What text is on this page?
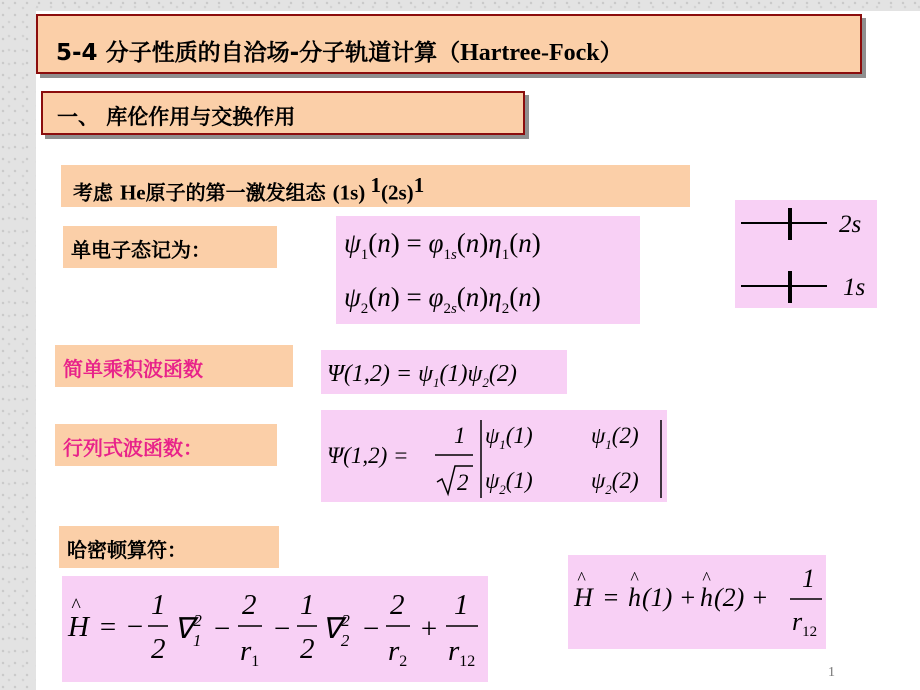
5-4 分子性质的自洽场-分子轨道计算（Hartree-Fock）
一、 库伦作用与交换作用
考虑 He原子的第一激发组态 (1s) $^1(2s)^1$
单电子态记为：	$\psi_1(n) = \varphi_1s(n)\eta_1(n)$
$\psi_2(n) = \varphi_2s(n)\eta_2(n)$
2s
1s
简单乘积波函数	$\Psi(1,2) = \psi_1(1)\psi_2(2)$
行列式波函数：	Ψ(1,2) =
1
2
$\psi_1(1)$	$\psi_1(2)$
$\psi_2(1)$	$\psi_2(2)$
哈密顿算符：
H
^
= −
1
2
∇$^2$ 1 −
2
$r_1$
−
1
2
∇$^2$ 2 −
2
$r_2$
+
1
$r_{12}$
H
^
= h
^
(1) + h
^
(2) +
1
$r_{12}$
1
